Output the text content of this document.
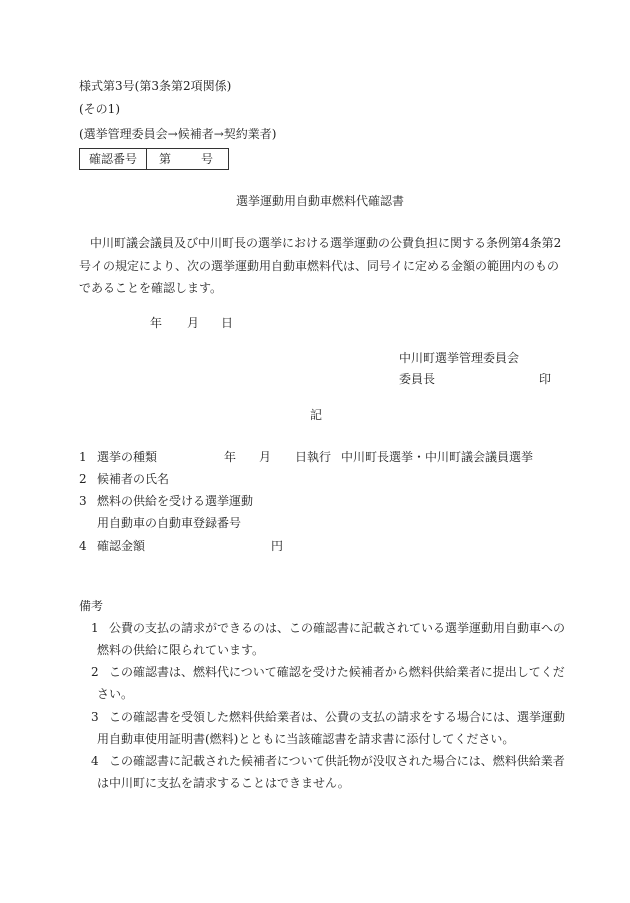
様式第3号(第3条第2項関係)
(その1)
(選挙管理委員会→候補者→契約業者)
確認番号	第	号
選挙運動用自動車燃料代確認書
中川町議会議員及び中川町長の選挙における選挙運動の公費負担に関する条例第4条第2
号イの規定により、次の選挙運動用自動車燃料代は、同号イに定める金額の範囲内のもの
であることを確認します。
年 月 日
中川町選挙管理委員会
委員長	印
記
1 選挙の種類	年 月 日執行 中川町長選挙・中川町議会議員選挙
2 候補者の氏名
3 燃料の供給を受ける選挙運動
用自動車の自動車登録番号
4 確認金額	円
備考
1 公費の支払の請求ができるのは、この確認書に記載されている選挙運動用自動車への
燃料の供給に限られています。
2 この確認書は、燃料代について確認を受けた候補者から燃料供給業者に提出してくだ
さい。
3 この確認書を受領した燃料供給業者は、公費の支払の請求をする場合には、選挙運動
用自動車使用証明書(燃料)とともに当該確認書を請求書に添付してください。
4 この確認書に記載された候補者について供託物が没収された場合には、燃料供給業者
は中川町に支払を請求することはできません。
